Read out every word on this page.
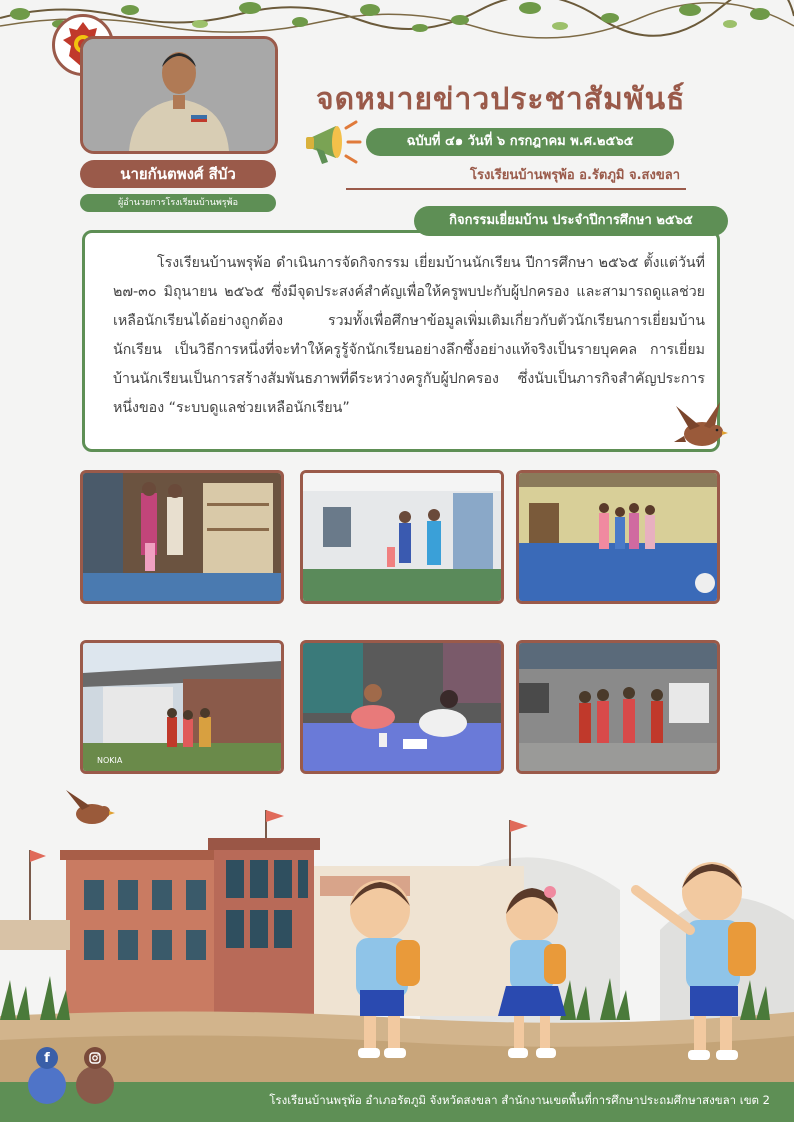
นายกันตพงศ์ สีบัว
ผู้อำนวยการโรงเรียนบ้านพรุพ้อ
จดหมายข่าวประชาสัมพันธ์
ฉบับที่ ๔๑ วันที่ ๖ กรกฎาคม พ.ศ.๒๕๖๕
โรงเรียนบ้านพรุพ้อ อ.รัตภูมิ จ.สงขลา
กิจกรรมเยี่ยมบ้าน ประจำปีการศึกษา ๒๕๖๕

โรงเรียนบ้านพรุพ้อ ดำเนินการจัดกิจกรรม เยี่ยมบ้านนักเรียน ปีการศึกษา ๒๕๖๕ ตั้งแต่วันที่ ๒๗-๓๐ มิถุนายน ๒๕๖๕ ซึ่งมีจุดประสงค์สำคัญเพื่อให้ครูพบปะกับผู้ปกครอง และสามารถดูแลช่วยเหลือนักเรียนได้อย่างถูกต้อง รวมทั้งเพื่อศึกษาข้อมูลเพิ่มเติมเกี่ยวกับตัวนักเรียนการเยี่ยมบ้านนักเรียน เป็นวิธีการหนึ่งที่จะทำให้ครูรู้จักนักเรียนอย่างลึกซึ้งอย่างแท้จริงเป็นรายบุคคล การเยี่ยมบ้านนักเรียนเป็นการสร้างสัมพันธภาพที่ดีระหว่างครูกับผู้ปกครอง ซึ่งนับเป็นภารกิจสำคัญประการหนึ่งของ “ระบบดูแลช่วยเหลือนักเรียน”

NOKIA
f
โรงเรียนบ้านพรุพ้อ อำเภอรัตภูมิ จังหวัดสงขลา สำนักงานเขตพื้นที่การศึกษาประถมศึกษาสงขลา เขต 2
